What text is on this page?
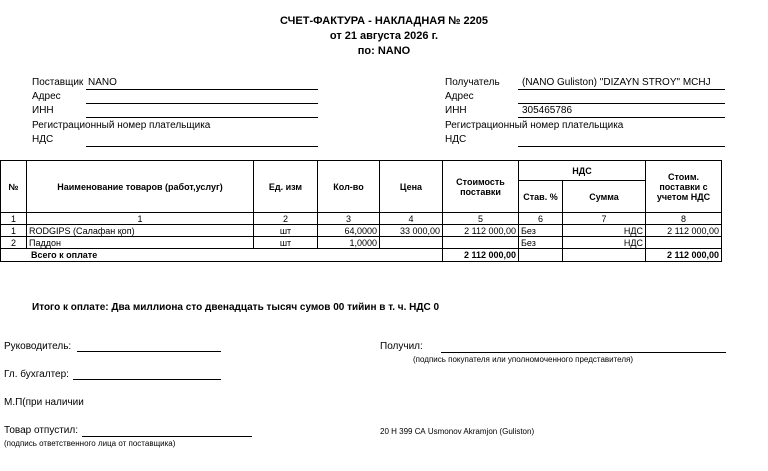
СЧЕТ-ФАКТУРА - НАКЛАДНАЯ № 2205
от 21 августа 2026 г.
по: NANO
Поставщик NANO
Адрес
ИНН
Регистрационный номер плательщика
НДС
Получатель (NANO Guliston) "DIZAYN STROY" MCHJ
Адрес
ИНН	305465786
Регистрационный номер плательщика
НДС
№	Наименование товаров (работ,услуг)	Ед. изм	Кол-во	Цена	Стоимость поставки	НДС		Стоим. поставки с учетом НДС
						Став. %	Сумма	
1	1	2	3	4	5	6	7	8
1	RODGIPS (Салафан қоп)	шт	64,0000	33 000,00	2 112 000,00	Без	НДС	2 112 000,00
2	Паддон	шт	1,0000			Без	НДС	
Всего к оплате					2 112 000,00			2 112 000,00
Итого к оплате: Два миллиона сто двенадцать тысяч сумов 00 тийин в т. ч. НДС 0
Руководитель:
Гл. бухгалтер:
М.П(при наличии
Товар отпустил:
(подпись ответственного лица от поставщика)
Получил:
(подпись покупателя или уполномоченного представителя)
20 Н 399 СА Usmonov Akramjon (Guliston)
